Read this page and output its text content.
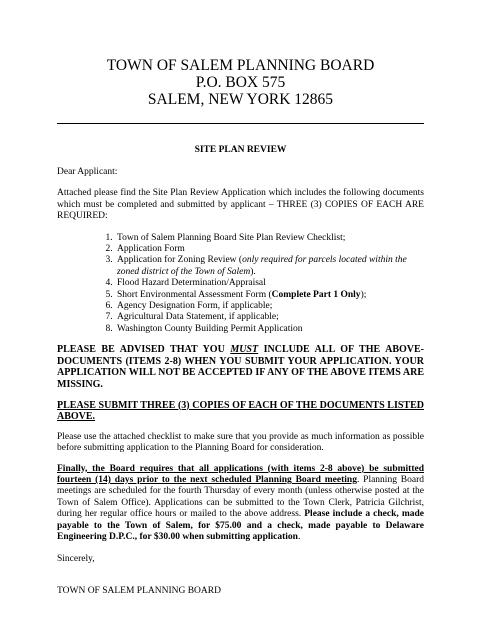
TOWN OF SALEM PLANNING BOARD
P.O. BOX 575
SALEM, NEW YORK 12865
SITE PLAN REVIEW

Dear Applicant:

Attached please find the Site Plan Review Application which includes the following documents which must be completed and submitted by applicant – THREE (3) COPIES OF EACH ARE REQUIRED:

1. Town of Salem Planning Board Site Plan Review Checklist;
2. Application Form
3. Application for Zoning Review (only required for parcels located within the zoned district of the Town of Salem).
4. Flood Hazard Determination/Appraisal
5. Short Environmental Assessment Form (Complete Part 1 Only);
6. Agency Designation Form, if applicable;
7. Agricultural Data Statement, if applicable;
8. Washington County Building Permit Application

PLEASE BE ADVISED THAT YOU MUST INCLUDE ALL OF THE ABOVE-DOCUMENTS (ITEMS 2-8) WHEN YOU SUBMIT YOUR APPLICATION. YOUR APPLICATION WILL NOT BE ACCEPTED IF ANY OF THE ABOVE ITEMS ARE MISSING.

PLEASE SUBMIT THREE (3) COPIES OF EACH OF THE DOCUMENTS LISTED ABOVE.

Please use the attached checklist to make sure that you provide as much information as possible before submitting application to the Planning Board for consideration.

Finally, the Board requires that all applications (with items 2-8 above) be submitted fourteen (14) days prior to the next scheduled Planning Board meeting. Planning Board meetings are scheduled for the fourth Thursday of every month (unless otherwise posted at the Town of Salem Office). Applications can be submitted to the Town Clerk, Patricia Gilchrist, during her regular office hours or mailed to the above address. Please include a check, made payable to the Town of Salem, for $75.00 and a check, made payable to Delaware Engineering D.P.C., for $30.00 when submitting application.

Sincerely,

TOWN OF SALEM PLANNING BOARD
